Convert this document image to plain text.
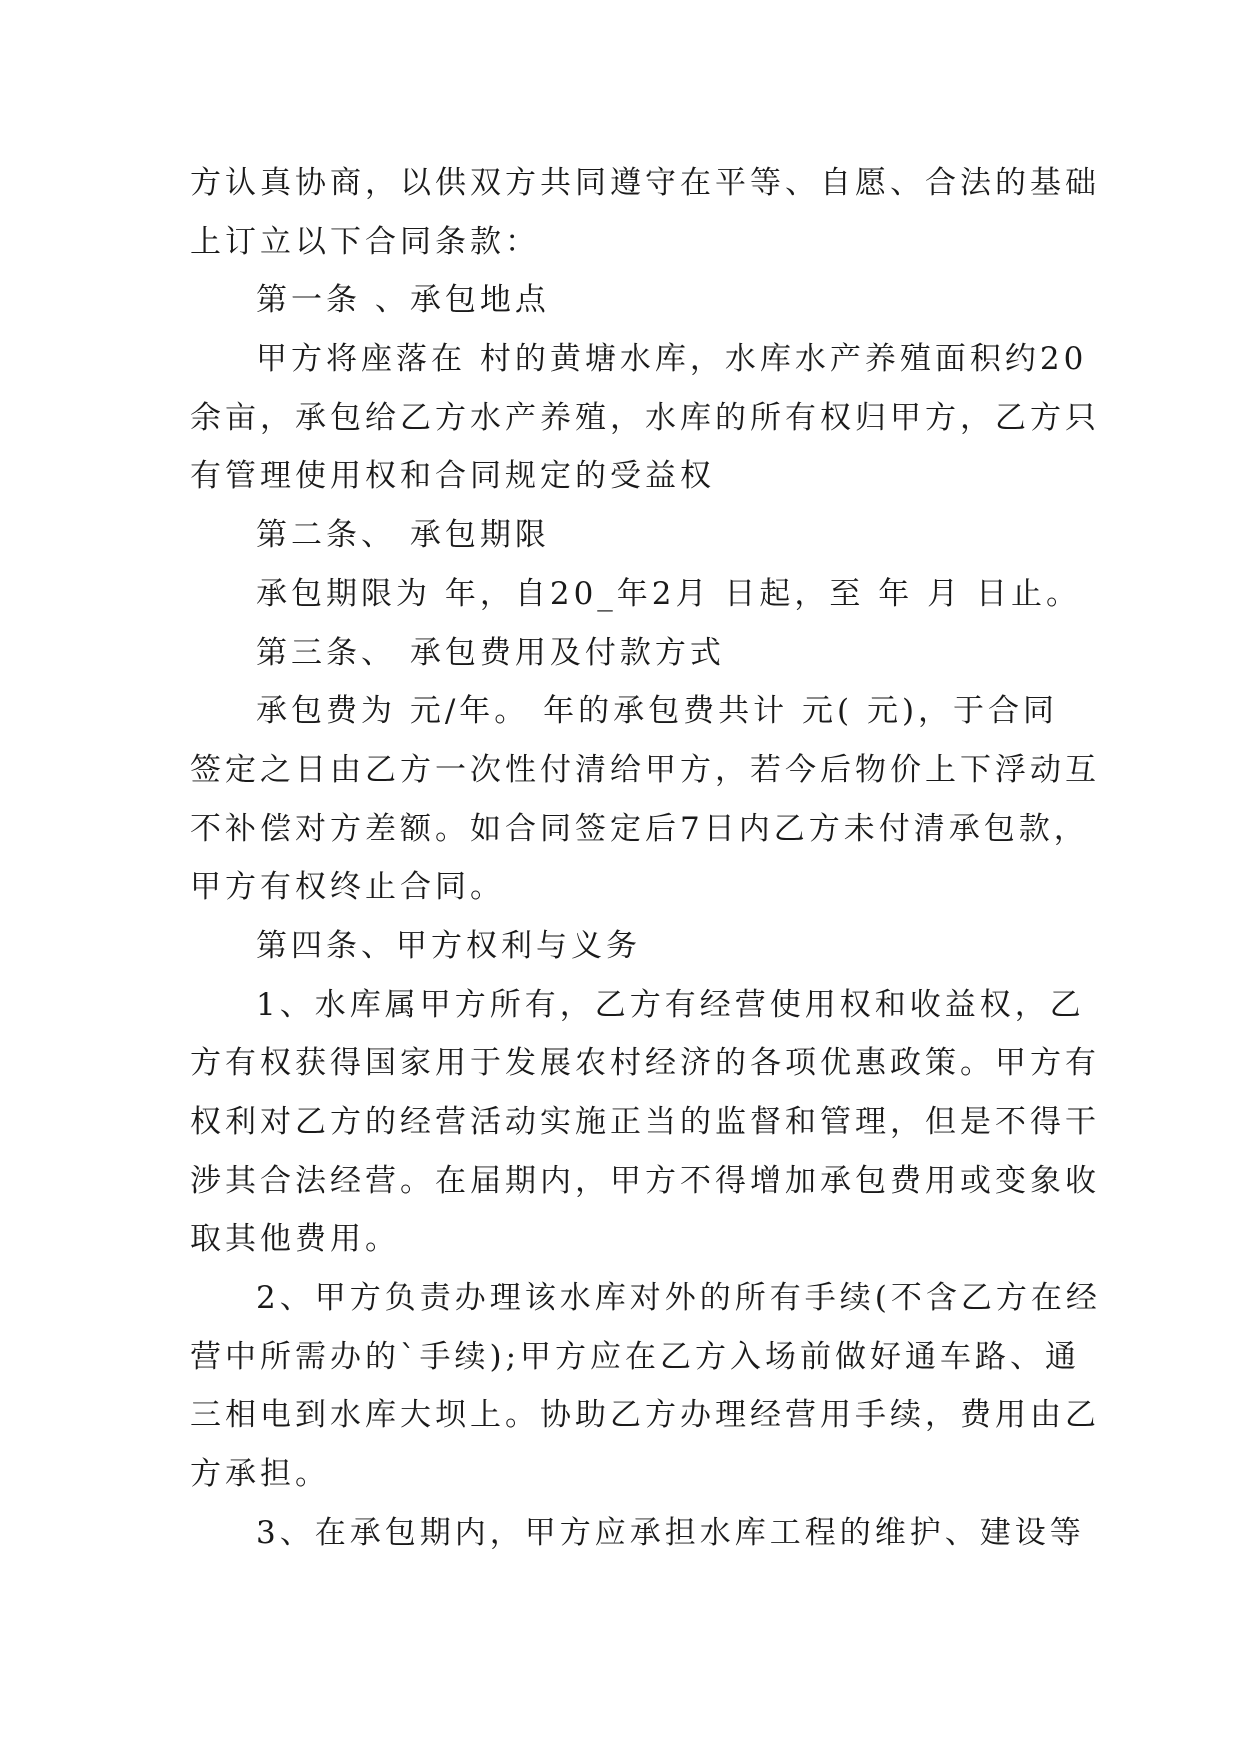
方认真协商，以供双方共同遵守在平等、自愿、合法的基础
上订立以下合同条款：
第一条 、承包地点
甲方将座落在 村的黄塘水库，水库水产养殖面积约20
余亩，承包给乙方水产养殖，水库的所有权归甲方，乙方只
有管理使用权和合同规定的受益权
第二条、 承包期限
承包期限为 年，自20_年2月 日起，至 年 月 日止。
第三条、 承包费用及付款方式
承包费为 元/年。 年的承包费共计 元( 元)，于合同
签定之日由乙方一次性付清给甲方，若今后物价上下浮动互
不补偿对方差额。如合同签定后7日内乙方未付清承包款，
甲方有权终止合同。
第四条、甲方权利与义务
1、水库属甲方所有，乙方有经营使用权和收益权，乙
方有权获得国家用于发展农村经济的各项优惠政策。甲方有
权利对乙方的经营活动实施正当的监督和管理，但是不得干
涉其合法经营。在届期内，甲方不得增加承包费用或变象收
取其他费用。
2、甲方负责办理该水库对外的所有手续(不含乙方在经
营中所需办的`手续);甲方应在乙方入场前做好通车路、通
三相电到水库大坝上。协助乙方办理经营用手续，费用由乙
方承担。
3、在承包期内，甲方应承担水库工程的维护、建设等
